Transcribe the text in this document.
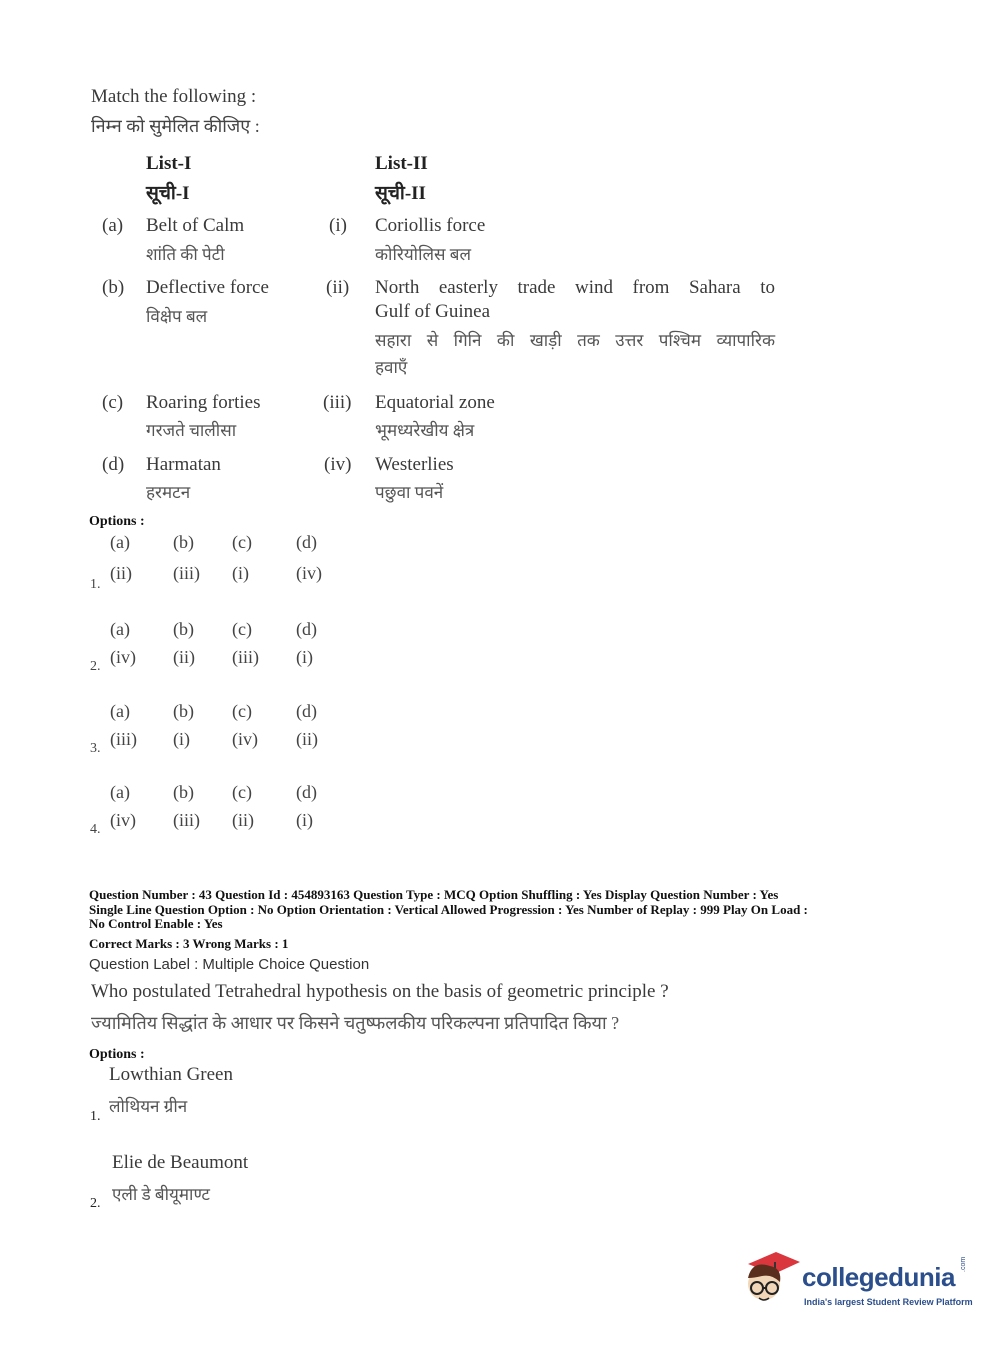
Match the following :
निम्न को सुमेलित कीजिए :
List-I
सूची-I
List-II
सूची-II
(a) Belt of Calm
शांति की पेटी
(i) Coriollis force
कोरियोलिस बल
(b) Deflective force
विक्षेप बल
(ii) North easterly trade wind from Sahara to
Gulf of Guinea
सहारा से गिनि की खाड़ी तक उत्तर पश्चिम व्यापारिक
हवाएँ
(c) Roaring forties
गरजते चालीसा
(iii) Equatorial zone
भूमध्यरेखीय क्षेत्र
(d) Harmatan
हरमटन
(iv) Westerlies
पछुवा पवनें
Options :
(a) (b) (c) (d)
(ii) (iii) (i)	(iv)
1.
(a) (b) (c) (d)
(iv) (ii) (iii) (i)
2.
(a) (b) (c) (d)
(iii) (i) (iv) (ii)
3.
(a) (b) (c) (d)
(iv) (iii) (ii) (i)
4.
Question Number : 43 Question Id : 454893163 Question Type : MCQ Option Shuffling : Yes Display Question Number : Yes
Single Line Question Option : No Option Orientation : Vertical Allowed Progression : Yes Number of Replay : 999 Play On Load :
No Control Enable : Yes
Correct Marks : 3 Wrong Marks : 1
Question Label : Multiple Choice Question
Who postulated Tetrahedral hypothesis on the basis of geometric principle ?
ज्यामितिय सिद्धांत के आधार पर किसने चतुष्फलकीय परिकल्पना प्रतिपादित किया ?
Options :
Lowthian Green
लोथियन ग्रीन
1.
Elie de Beaumont
एली डे बीयूमाण्ट
2.
collegedunia .com
India's largest Student Review Platform
